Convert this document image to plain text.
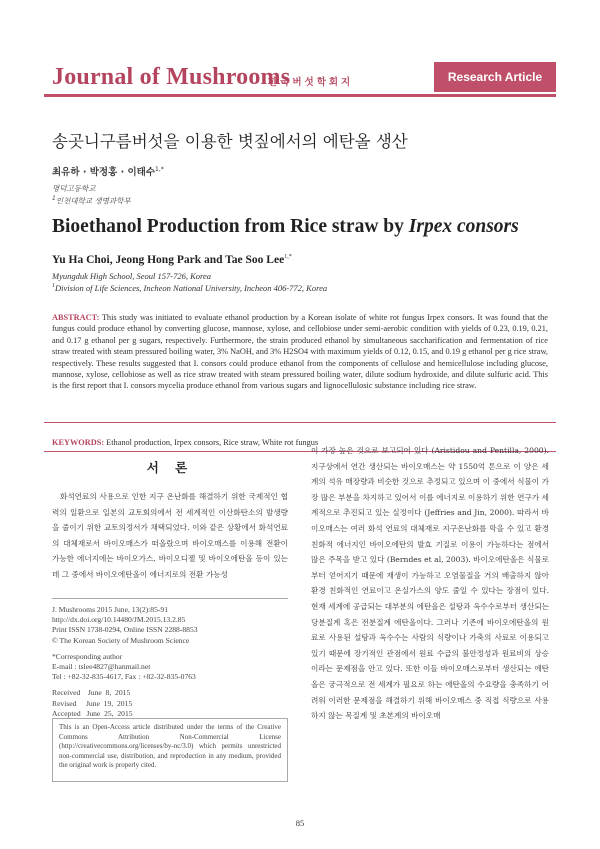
Journal of Mushrooms
한국버섯학회지	Research Article
송곳니구름버섯을 이용한 볏짚에서의 에탄올 생산
최유하 · 박정홍 · 이태수$^{1,*}$
명덕고등학교
$^1$인천대학교 생명과학부
Bioethanol Production from Rice straw by Irpex consors
Yu Ha Choi, Jeong Hong Park and Tae Soo Lee$^{1,*}$
Myungduk High School, Seoul 157-726, Korea
$^1$Division of Life Sciences, Incheon National University, Incheon 406-772, Korea
ABSTRACT: This study was initiated to evaluate ethanol production by a Korean isolate of white rot fungus Irpex consors. It was found that the fungus could produce ethanol by converting glucose, mannose, xylose, and cellobiose under semi-aerobic condition with yields of 0.23, 0.19, 0.21, and 0.17 g ethanol per g sugars, respectively. Furthermore, the strain produced ethanol by simultaneous saccharification and fermentation of rice straw treated with steam pressured boiling water, 3% NaOH, and 3% H2SO4 with maximum yields of 0.12, 0.15, and 0.19 g ethanol per g rice straw, respectively. These results suggested that I. consors could produce ethanol from the components of cellulose and hemicellulose including glucose, mannose, xylose, cellobiose as well as rice straw treated with steam pressured boiling water, dilute sodium hydroxide, and dilute sulfuric acid. This is the first report that I. consors mycelia produce ethanol from various sugars and lignocellulosic substance including rice straw.
KEYWORDS: Ethanol production, Irpex consors, Rice straw, White rot fungus
서 론

화석연료의 사용으로 인한 지구 온난화를 해결하기 위한 국제적인 협력의 일환으로 일본의 교토회의에서 전 세계적인 이산화탄소의 발생량을 줄이기 위한 교토의정서가 채택되었다. 이와 같은 상황에서 화석연료의 대체재로서 바이오매스가 떠올랐으며 바이오매스를 이용해 전환이 가능한 에너지에는 바이오가스, 바이오디젤 및 바이오에탄올 등이 있는데 그 중에서 바이오에탄올이 에너지로의 전환 가능성

J. Mushrooms 2015 June, 13(2):85-91
http://dx.doi.org/10.14480/JM.2015.13.2.85
Print ISSN 1738-0294, Online ISSN 2288-8853
© The Korean Society of Mushroom Science
*Corresponding author
E-mail : tslee4827@hanmail.net
Tel : +82-32-835-4617, Fax : +82-32-835-0763
Received    June  8,  2015
Revised     June  19,  2015
Accepted   June  25,  2015
This is an Open-Access article distributed under the terms of the Creative Commons Attribution Non-Commercial License (http://creativecommons.org/licenses/by-nc/3.0) which permits unrestricted non-commercial use, distribution, and reproduction in any medium, provided the original work is properly cited.

이 가장 높은 것으로 보고되어 있다 (Aristidou and Pentilla, 2000). 지구상에서 연간 생산되는 바이오매스는 약 1550억 톤으로 이 양은 세계의 석유 매장량과 비슷한 것으로 추정되고 있으며 이 중에서 식물이 가장 많은 부분을 차지하고 있어서 이를 에너지로 이용하기 위한 연구가 세계적으로 추진되고 있는 실정이다 (Jeffries and Jin, 2000). 따라서 바이오매스는 여러 화석 연료의 대체재로 지구온난화를 막을 수 있고 환경 친화적 에너지인 바이오에탄의 발효 기질로 이용이 가능하다는 점에서 많은 주목을 받고 있다 (Berndes et al, 2003). 바이오에탄올은 식물로부터 얻어지기 때문에 재생이 가능하고 오염물질을 거의 배출하지 않아 환경 친화적인 연료이고 온실가스의 양도 줄일 수 있다는 장점이 있다. 현재 세계에 공급되는 대부분의 에탄올은 설탕과 옥수수로부터 생산되는 당분질계 혹은 전분질계 에탄올이다. 그러나 기존에 바이오에탄올의 원료로 사용된 설탕과 옥수수는 사람의 식량이나 가축의 사료로 이용되고 있기 때문에 장기적인 관점에서 원료 수급의 불안정성과 원료비의 상승이라는 문제점을 안고 있다. 또한 이들 바이오매스로부터 생산되는 에탄올은 궁극적으로 전 세계가 필요로 하는 에탄올의 수요량을 충족하기 어려워 이러한 문제점을 해결하기 위해 바이오매스 중 직접 식량으로 사용하지 않는 목질계 및 초본계의 바이오매

85
